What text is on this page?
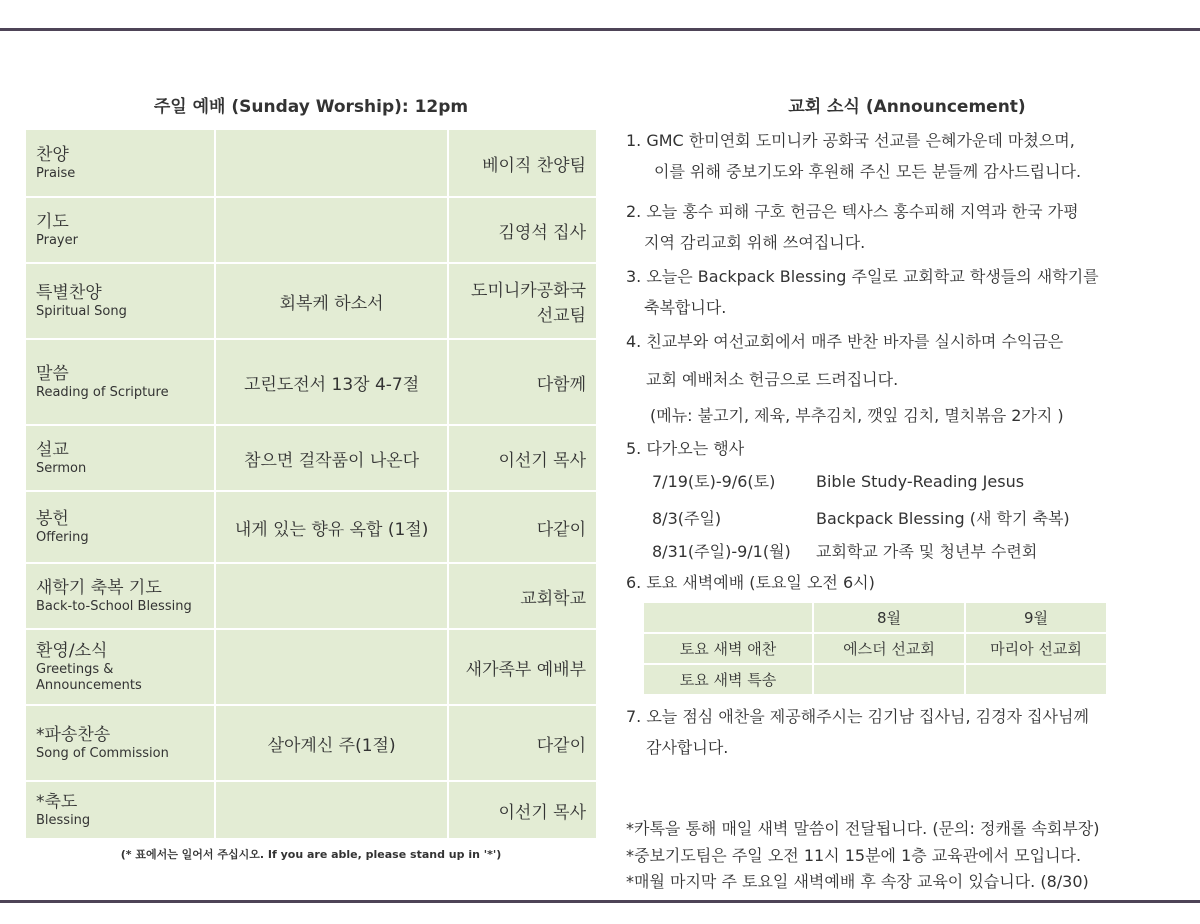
주일 예배 (Sunday Worship): 12pm
찬양
Praise		베이직 찬양팀

기도
Prayer		김영석 집사

특별찬양
Spiritual Song	회복케 하소서	도미니카공화국 선교팀

말씀
Reading of Scripture	고린도전서 13장 4-7절	다함께

설교
Sermon	참으면 걸작품이 나온다	이선기 목사

봉헌
Offering	내게 있는 향유 옥합 (1절)	다같이

새학기 축복 기도
Back-to-School Blessing		교회학교

환영/소식
Greetings & Announcements		새가족부 예배부

*파송찬송
Song of Commission	살아계신 주(1절)	다같이

*축도
Blessing		이선기 목사
(* 표에서는 일어서 주십시오. If you are able, please stand up in '*')
교회 소식 (Announcement)
1. GMC 한미연회 도미니카 공화국 선교를 은혜가운데 마쳤으며,
이를 위해 중보기도와 후원해 주신 모든 분들께 감사드립니다.
2. 오늘 홍수 피해 구호 헌금은 텍사스 홍수피해 지역과 한국 가평
지역 감리교회 위해 쓰여집니다.
3. 오늘은 Backpack Blessing 주일로 교회학교 학생들의 새학기를
축복합니다.
4. 친교부와 여선교회에서 매주 반찬 바자를 실시하며 수익금은
교회 예배처소 헌금으로 드려집니다.
(메뉴: 불고기, 제육, 부추김치, 깻잎 김치, 멸치볶음 2가지 )
5. 다가오는 행사
7/19(토)-9/6(토)	Bible Study-Reading Jesus
8/3(주일)	Backpack Blessing (새 학기 축복)
8/31(주일)-9/1(월) 교회학교 가족 및 청년부 수련회
6. 토요 새벽예배 (토요일 오전 6시)
	8월	9월
토요 새벽 애찬	에스더 선교회	마리아 선교회
토요 새벽 특송		
7. 오늘 점심 애찬을 제공해주시는 김기남 집사님, 김경자 집사님께
감사합니다.
*카톡을 통해 매일 새벽 말씀이 전달됩니다. (문의: 정캐롤 속회부장)
*중보기도팀은 주일 오전 11시 15분에 1층 교육관에서 모입니다.
*매월 마지막 주 토요일 새벽예배 후 속장 교육이 있습니다. (8/30)
